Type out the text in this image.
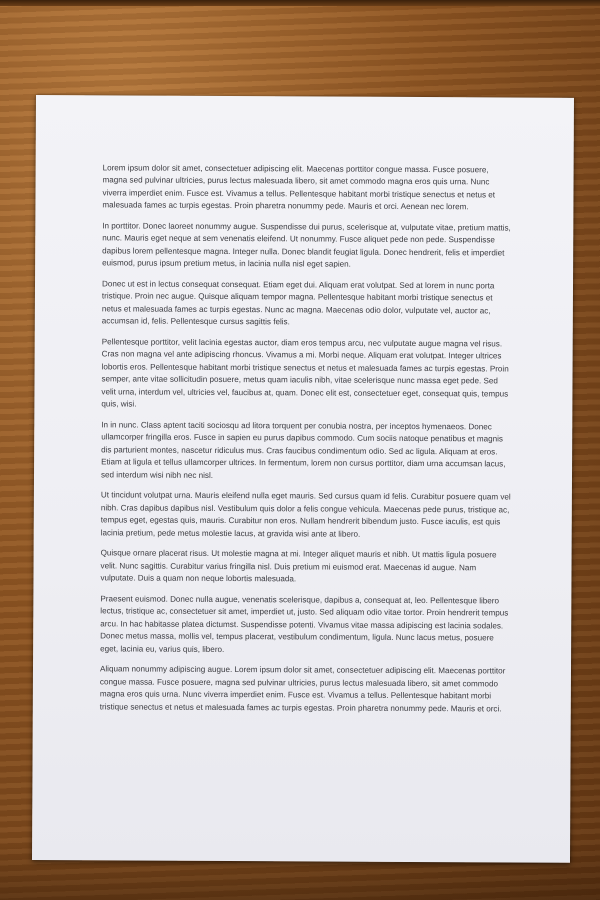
Lorem ipsum dolor sit amet, consectetuer adipiscing elit. Maecenas porttitor congue massa. Fusce posuere, magna sed pulvinar ultricies, purus lectus malesuada libero, sit amet commodo magna eros quis urna. Nunc viverra imperdiet enim. Fusce est. Vivamus a tellus. Pellentesque habitant morbi tristique senectus et netus et malesuada fames ac turpis egestas. Proin pharetra nonummy pede. Mauris et orci. Aenean nec lorem.

In porttitor. Donec laoreet nonummy augue. Suspendisse dui purus, scelerisque at, vulputate vitae, pretium mattis, nunc. Mauris eget neque at sem venenatis eleifend. Ut nonummy. Fusce aliquet pede non pede. Suspendisse dapibus lorem pellentesque magna. Integer nulla. Donec blandit feugiat ligula. Donec hendrerit, felis et imperdiet euismod, purus ipsum pretium metus, in lacinia nulla nisl eget sapien.

Donec ut est in lectus consequat consequat. Etiam eget dui. Aliquam erat volutpat. Sed at lorem in nunc porta tristique. Proin nec augue. Quisque aliquam tempor magna. Pellentesque habitant morbi tristique senectus et netus et malesuada fames ac turpis egestas. Nunc ac magna. Maecenas odio dolor, vulputate vel, auctor ac, accumsan id, felis. Pellentesque cursus sagittis felis.

Pellentesque porttitor, velit lacinia egestas auctor, diam eros tempus arcu, nec vulputate augue magna vel risus. Cras non magna vel ante adipiscing rhoncus. Vivamus a mi. Morbi neque. Aliquam erat volutpat. Integer ultrices lobortis eros. Pellentesque habitant morbi tristique senectus et netus et malesuada fames ac turpis egestas. Proin semper, ante vitae sollicitudin posuere, metus quam iaculis nibh, vitae scelerisque nunc massa eget pede. Sed velit urna, interdum vel, ultricies vel, faucibus at, quam. Donec elit est, consectetuer eget, consequat quis, tempus quis, wisi.

In in nunc. Class aptent taciti sociosqu ad litora torquent per conubia nostra, per inceptos hymenaeos. Donec ullamcorper fringilla eros. Fusce in sapien eu purus dapibus commodo. Cum sociis natoque penatibus et magnis dis parturient montes, nascetur ridiculus mus. Cras faucibus condimentum odio. Sed ac ligula. Aliquam at eros. Etiam at ligula et tellus ullamcorper ultrices. In fermentum, lorem non cursus porttitor, diam urna accumsan lacus, sed interdum wisi nibh nec nisl.

Ut tincidunt volutpat urna. Mauris eleifend nulla eget mauris. Sed cursus quam id felis. Curabitur posuere quam vel nibh. Cras dapibus dapibus nisl. Vestibulum quis dolor a felis congue vehicula. Maecenas pede purus, tristique ac, tempus eget, egestas quis, mauris. Curabitur non eros. Nullam hendrerit bibendum justo. Fusce iaculis, est quis lacinia pretium, pede metus molestie lacus, at gravida wisi ante at libero.

Quisque ornare placerat risus. Ut molestie magna at mi. Integer aliquet mauris et nibh. Ut mattis ligula posuere velit. Nunc sagittis. Curabitur varius fringilla nisl. Duis pretium mi euismod erat. Maecenas id augue. Nam vulputate. Duis a quam non neque lobortis malesuada.

Praesent euismod. Donec nulla augue, venenatis scelerisque, dapibus a, consequat at, leo. Pellentesque libero lectus, tristique ac, consectetuer sit amet, imperdiet ut, justo. Sed aliquam odio vitae tortor. Proin hendrerit tempus arcu. In hac habitasse platea dictumst. Suspendisse potenti. Vivamus vitae massa adipiscing est lacinia sodales. Donec metus massa, mollis vel, tempus placerat, vestibulum condimentum, ligula. Nunc lacus metus, posuere eget, lacinia eu, varius quis, libero.

Aliquam nonummy adipiscing augue. Lorem ipsum dolor sit amet, consectetuer adipiscing elit. Maecenas porttitor congue massa. Fusce posuere, magna sed pulvinar ultricies, purus lectus malesuada libero, sit amet commodo magna eros quis urna. Nunc viverra imperdiet enim. Fusce est. Vivamus a tellus. Pellentesque habitant morbi tristique senectus et netus et malesuada fames ac turpis egestas. Proin pharetra nonummy pede. Mauris et orci.
